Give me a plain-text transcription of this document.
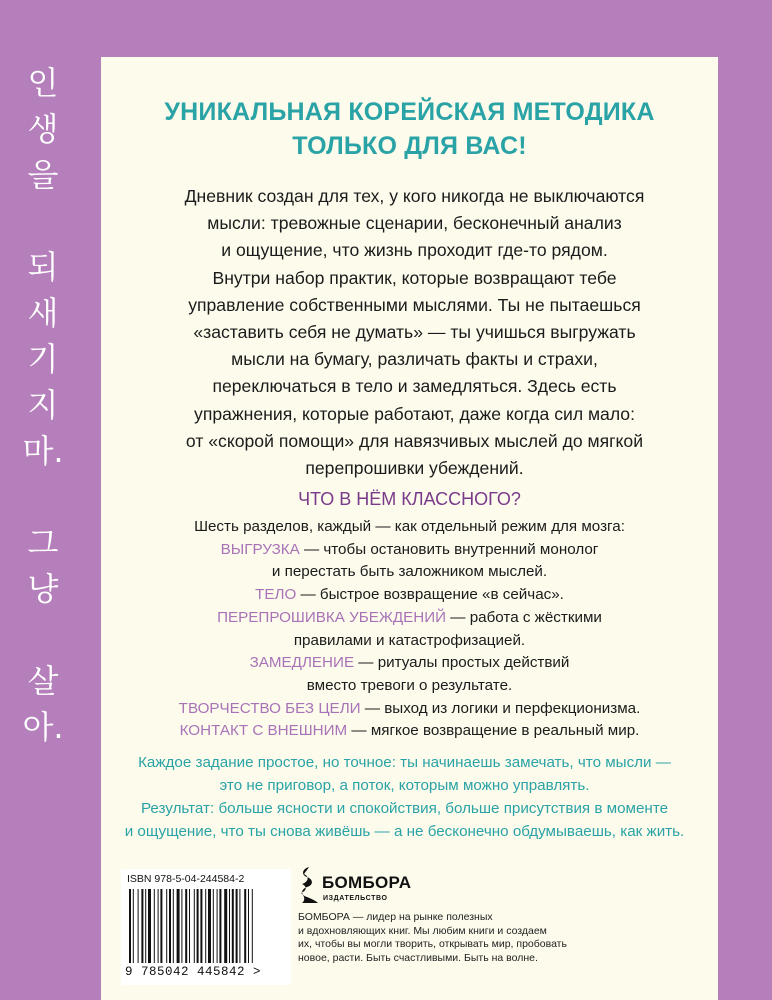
인
생
을
되
새
기
지
마.
그
냥
살
아.
УНИКАЛЬНАЯ КОРЕЙСКАЯ МЕТОДИКА
ТОЛЬКО ДЛЯ ВАС!
Дневник создан для тех, у кого никогда не выключаются
мысли: тревожные сценарии, бесконечный анализ
и ощущение, что жизнь проходит где-то рядом.
Внутри набор практик, которые возвращают тебе
управление собственными мыслями. Ты не пытаешься
«заставить себя не думать» — ты учишься выгружать
мысли на бумагу, различать факты и страхи,
переключаться в тело и замедляться. Здесь есть
упражнения, которые работают, даже когда сил мало:
от «скорой помощи» для навязчивых мыслей до мягкой
перепрошивки убеждений.
ЧТО В НЁМ КЛАССНОГО?
Шесть разделов, каждый — как отдельный режим для мозга:
ВЫГРУЗКА — чтобы остановить внутренний монолог
и перестать быть заложником мыслей.
ТЕЛО — быстрое возвращение «в сейчас».
ПЕРЕПРОШИВКА УБЕЖДЕНИЙ — работа с жёсткими
правилами и катастрофизацией.
ЗАМЕДЛЕНИЕ — ритуалы простых действий
вместо тревоги о результате.
ТВОРЧЕСТВО БЕЗ ЦЕЛИ — выход из логики и перфекционизма.
КОНТАКТ С ВНЕШНИМ — мягкое возвращение в реальный мир.
Каждое задание простое, но точное: ты начинаешь замечать, что мысли —
это не приговор, а поток, которым можно управлять.
Результат: больше ясности и спокойствия, больше присутствия в моменте
и ощущение, что ты снова живёшь — а не бесконечно обдумываешь, как жить.
ISBN 978-5-04-244584-2
9 785042 445842 >
БОМБОРА
ИЗДАТЕЛЬСТВО
БОМБОРА — лидер на рынке полезных
и вдохновляющих книг. Мы любим книги и создаем
их, чтобы вы могли творить, открывать мир, пробовать
новое, расти. Быть счастливыми. Быть на волне.
